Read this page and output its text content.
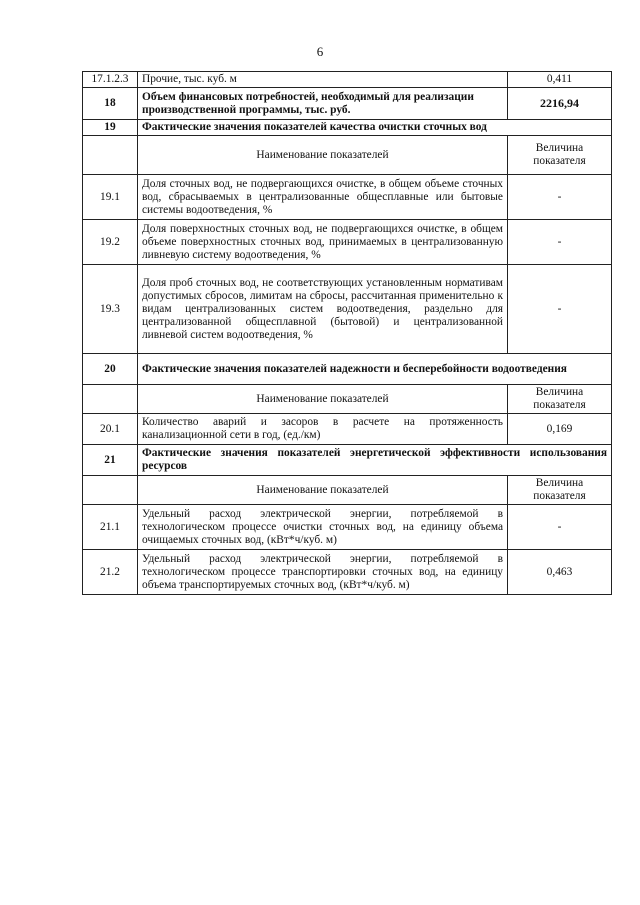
6
17.1.2.3	Прочие, тыс. куб. м	0,411
18	Объем финансовых потребностей, необходимый для реализации производственной программы, тыс. руб.	2216,94
19	Фактические значения показателей качества очистки сточных вод	
	Наименование показателей	Величина показателя
19.1	Доля сточных вод, не подвергающихся очистке, в общем объеме сточных вод, сбрасываемых в централизованные общесплавные или бытовые системы водоотведения, %	-
19.2	Доля поверхностных сточных вод, не подвергающихся очистке, в общем объеме поверхностных сточных вод, принимаемых в централизованную ливневую систему водоотведения, %	-
19.3	Доля проб сточных вод, не соответствующих установленным нормативам допустимых сбросов, лимитам на сбросы, рассчитанная применительно к видам централизованных систем водоотведения, раздельно для централизованной общесплавной (бытовой) и централизованной ливневой систем водоотведения, %	-
20	Фактические значения показателей надежности и бесперебойности водоотведения	
	Наименование показателей	Величина показателя
20.1	Количество аварий и засоров в расчете на протяженность канализационной сети в год, (ед./км)	0,169
21	Фактические значения показателей энергетической эффективности использования ресурсов	
	Наименование показателей	Величина показателя
21.1	Удельный расход электрической энергии, потребляемой в технологическом процессе очистки сточных вод, на единицу объема очищаемых сточных вод, (кВт*ч/куб. м)	-
21.2	Удельный расход электрической энергии, потребляемой в технологическом процессе транспортировки сточных вод, на единицу объема транспортируемых сточных вод, (кВт*ч/куб. м)	0,463
